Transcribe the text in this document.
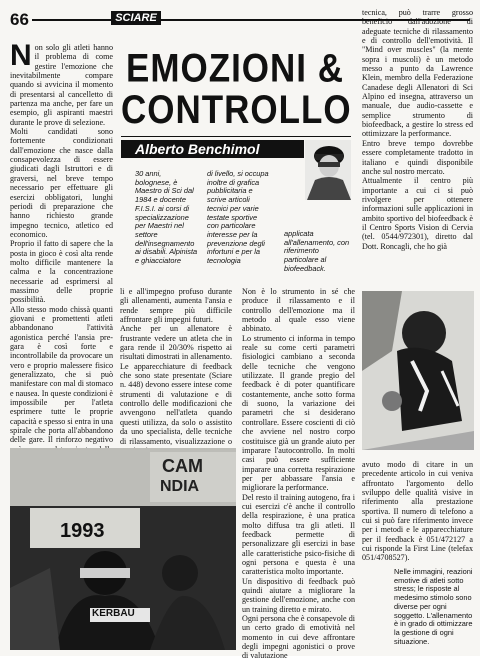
66	SCIARE
Non solo gli atleti hanno il problema di come gestire l'emozione che inevitabilmente compare quando si avvicina il momento di presentarsi al cancelletto di partenza ma anche, per fare un esempio, gli aspiranti maestri durante le prove di selezione.
Molti candidati sono fortemente condizionati dall'emozione che nasce dalla consapevolezza di essere giudicati dagli Istruttori e di graversi, nel breve tempo necessario per effettuare gli esercizi obbligatori, lunghi periodi di preparazione che hanno richiesto grande impegno tecnico, atletico ed economico.
Proprio il fatto di sapere che la posta in gioco è così alta rende molto difficile mantenere la calma e la concentrazione necessarie ad esprimersi al massimo delle proprie possibilità.
Allo stesso modo chissà quanti giovani e promettenti atleti abbandonano l'attività agonistica perché l'ansia pre-gara è così forte e incontrollabile da provocare un vero e proprio malessere fisico generalizzato, che si può manifestare con mal di stomaco e nausea. In queste condizioni è impossibile per l'atleta esprimere tutte le proprie capacità e spesso si entra in una spirale che porta all'abbandono delle gare. Il rinforzo negativo
EMOZIONI &
CONTROLLO
Alberto Benchimol
30 anni, bolognese, è Maestro di Sci dal 1984 e docente F.I.S.I. ai corsi di specializzazione per Maestri nel settore dell'insegnamento ai disabili. Alpinista e ghiacciatore
di livello, si occupa inoltre di grafica pubblicitaria e scrive articoli tecnici per varie testate sportive con particolare interesse per la prevenzione degli infortuni e per la tecnologia
applicata all'allenamento, con riferimento particolare al biofeedback.
li e all'impegno profuso durante gli allenamenti, aumenta l'ansia e rende sempre più difficile affrontare gli impegni futuri.
Anche per un allenatore è frustrante vedere un atleta che in gara rende il 20/30% rispetto ai risultati dimostrati in allenamento. Le apparecchiature di feedback che sono state presentate (Sciare n. 448) devono essere intese come strumenti di valutazione e di controllo delle modificazioni che avvengono nell'atleta quando questi utilizza, da solo o assistito da uno specialista, delle tecniche di rilassamento, visualizzazione o
Non è lo strumento in sé che produce il rilassamento e il controllo dell'emozione ma il metodo al quale esso viene abbinato.
Lo strumento ci informa in tempo reale su come certi parametri fisiologici cambiano a seconda delle tecniche che vengono utilizzate. Il grande pregio del feedback è di poter quantificare costantemente, anche sotto forma di suono, la variazione dei parametri che si desiderano controllare. Essere coscienti di ciò che avviene nel nostro corpo costituisce già un grande aiuto per imparare l'autocontrollo. In molti casi può essere sufficiente imparare una corretta respirazione per per abbassare l'ansia e migliorare la performance.
Del resto il training autogeno, fra i cui esercizi c'è anche il controllo della respirazione, è una pratica molto diffusa tra gli atleti. Il feedback permette di personalizzare gli esercizi in base alle caratteristiche psico-fisiche di ogni persona e questa è una caratteristica molto importante.
Un dispositivo di feedback può quindi aiutare a migliorare la gestione dell'emozione, anche con un training diretto e mirato.
Ogni persona che è consapevole di un certo grado di emotività nel momento in cui deve affrontare degli impegni agonistici o prove di valutazione
tecnica, può trarre grosso beneficio dall'adozione di adeguate tecniche di rilassamento e di controllo dell'emotività. Il "Mind over muscles" (la mente sopra i muscoli) è un metodo messo a punto da Lawrence Klein, membro della Federazione Canadese degli Allenatori di Sci Alpino ed insegna, attraverso un manuale, due audio-cassette e semplice strumento di biofeedback, a gestire lo stress ed ottimizzare la performance.
Entro breve tempo dovrebbe essere completamente tradotto in italiano e quindi disponibile anche sul nostro mercato.
Attualmente il centro più importante a cui ci si può rivolgere per ottenere informazioni sulle applicazioni in ambito sportivo del biofeedback è il Centro Sports Vision di Cervia (tel. 0544/972301), diretto dal Dott. Roncagli, che ho già
avuto modo di citare in un precedente articolo in cui veniva affrontato l'argomento dello sviluppo delle qualità visive in riferimento alla prestazione sportiva. Il numero di telefono a cui si può fare riferimento invece per i metodi e le apparecchiature per il feedback è 051/472127 a cui risponde la First Line (telefax 051/4708527).
Nelle immagini, reazioni emotive di atleti sotto stress; le risposte al medesimo stimolo sono diverse per ogni soggetto. L'allenamento è in grado di ottimizzare la gestione di ogni situazione.
1993
CAM
NDIA
KERBAU
